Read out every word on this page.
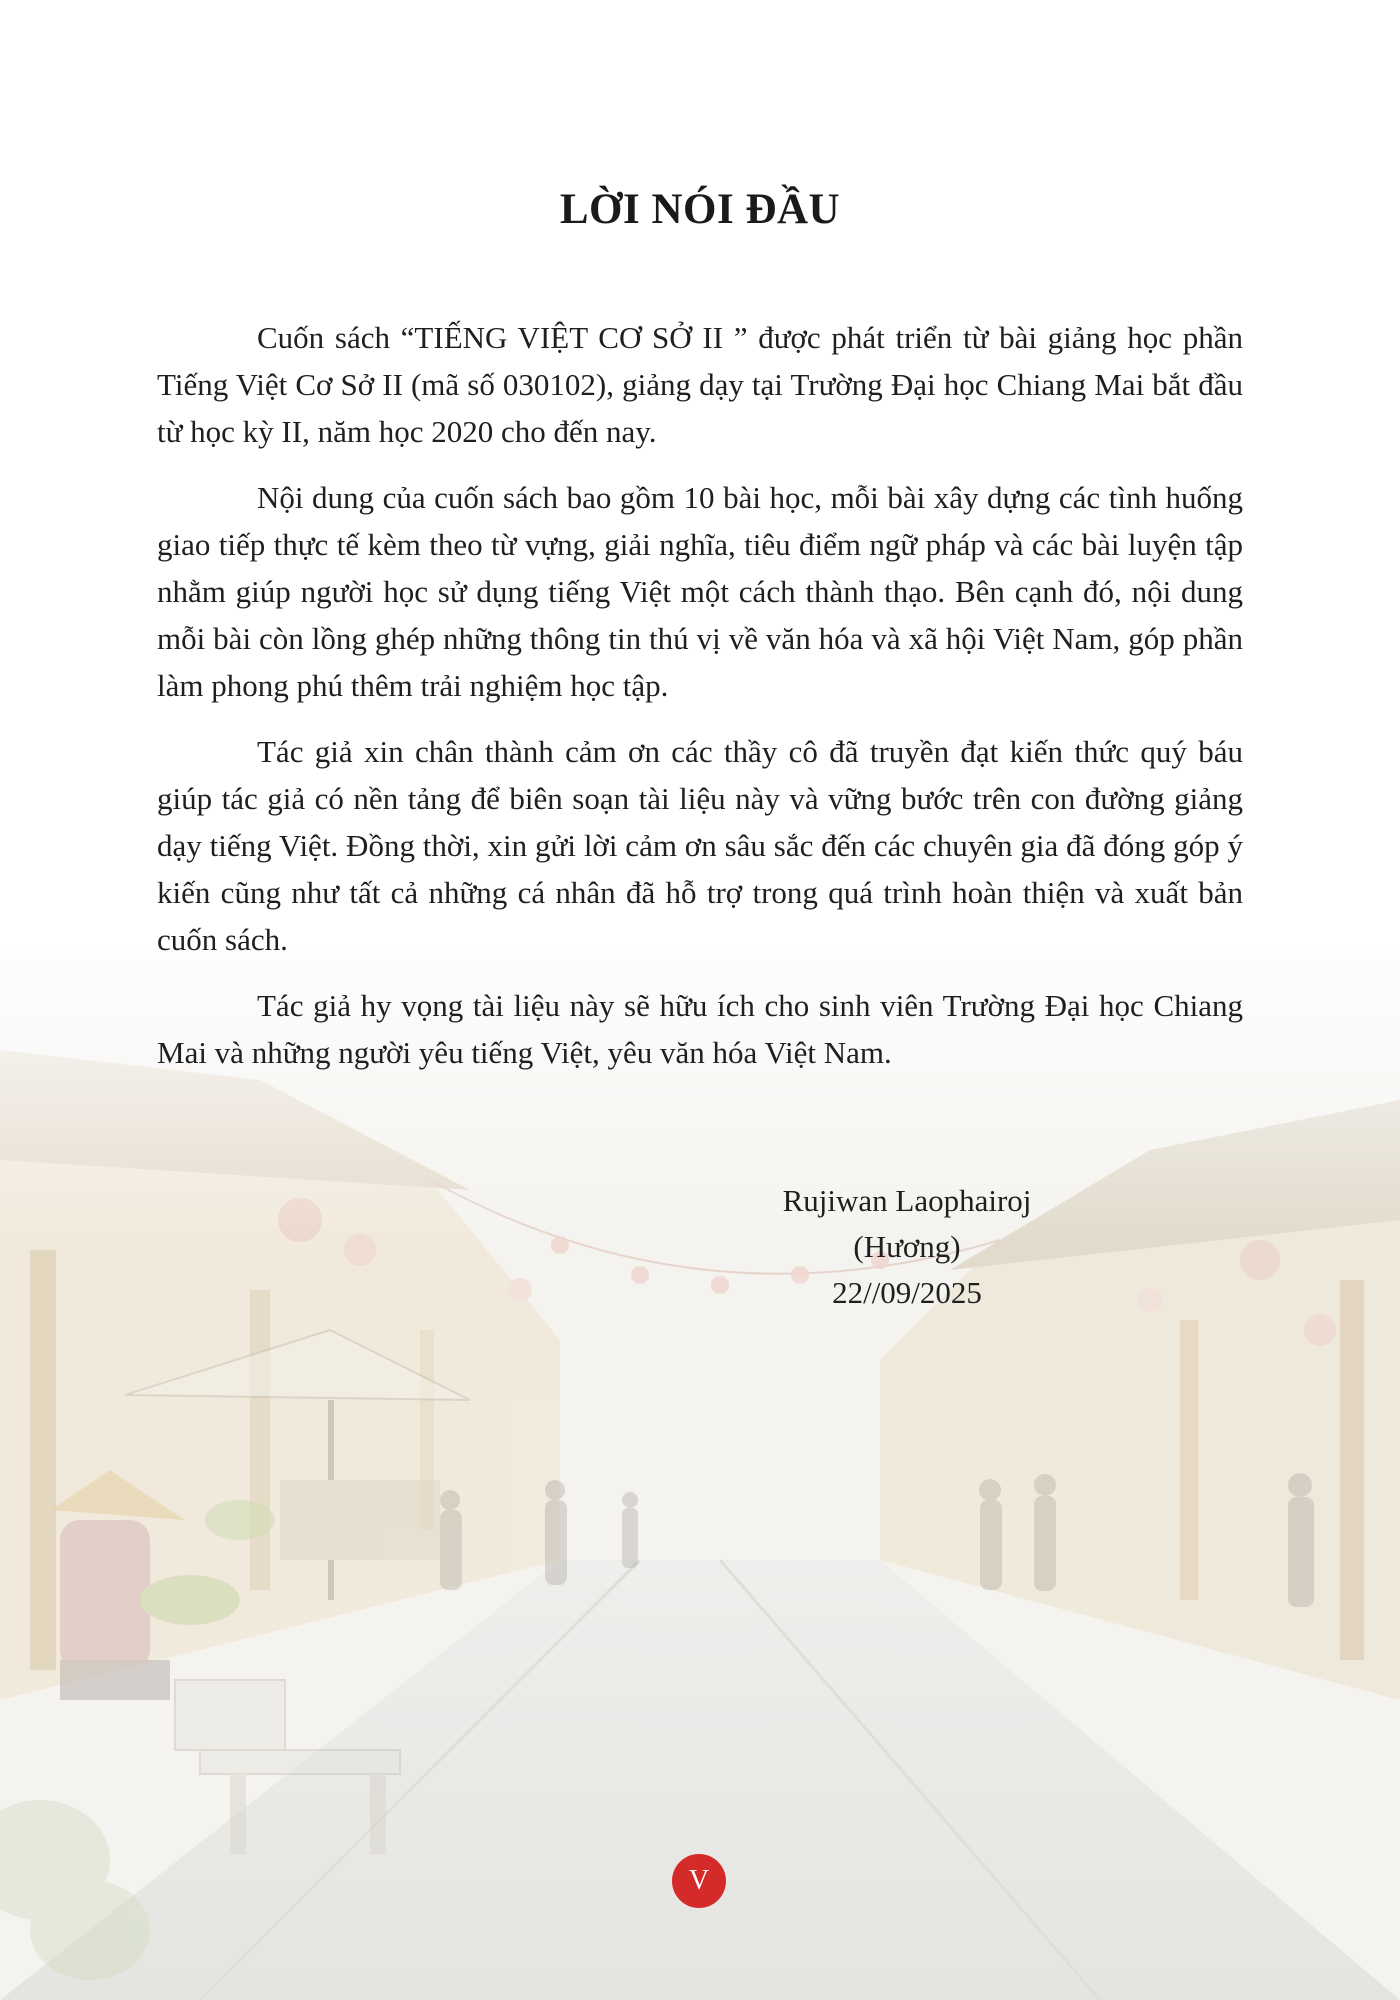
LỜI NÓI ĐẦU

Cuốn sách “TIẾNG VIỆT CƠ SỞ II ” được phát triển từ bài giảng học phần Tiếng Việt Cơ Sở II (mã số 030102), giảng dạy tại Trường Đại học Chiang Mai bắt đầu từ học kỳ II, năm học 2020 cho đến nay.

Nội dung của cuốn sách bao gồm 10 bài học, mỗi bài xây dựng các tình huống giao tiếp thực tế kèm theo từ vựng, giải nghĩa, tiêu điểm ngữ pháp và các bài luyện tập nhằm giúp người học sử dụng tiếng Việt một cách thành thạo. Bên cạnh đó, nội dung mỗi bài còn lồng ghép những thông tin thú vị về văn hóa và xã hội Việt Nam, góp phần làm phong phú thêm trải nghiệm học tập.

Tác giả xin chân thành cảm ơn các thầy cô đã truyền đạt kiến thức quý báu giúp tác giả có nền tảng để biên soạn tài liệu này và vững bước trên con đường giảng dạy tiếng Việt. Đồng thời, xin gửi lời cảm ơn sâu sắc đến các chuyên gia đã đóng góp ý kiến cũng như tất cả những cá nhân đã hỗ trợ trong quá trình hoàn thiện và xuất bản cuốn sách.

Tác giả hy vọng tài liệu này sẽ hữu ích cho sinh viên Trường Đại học Chiang Mai và những người yêu tiếng Việt, yêu văn hóa Việt Nam.

Rujiwan Laophairoj (Hương)
22//09/2025
V
